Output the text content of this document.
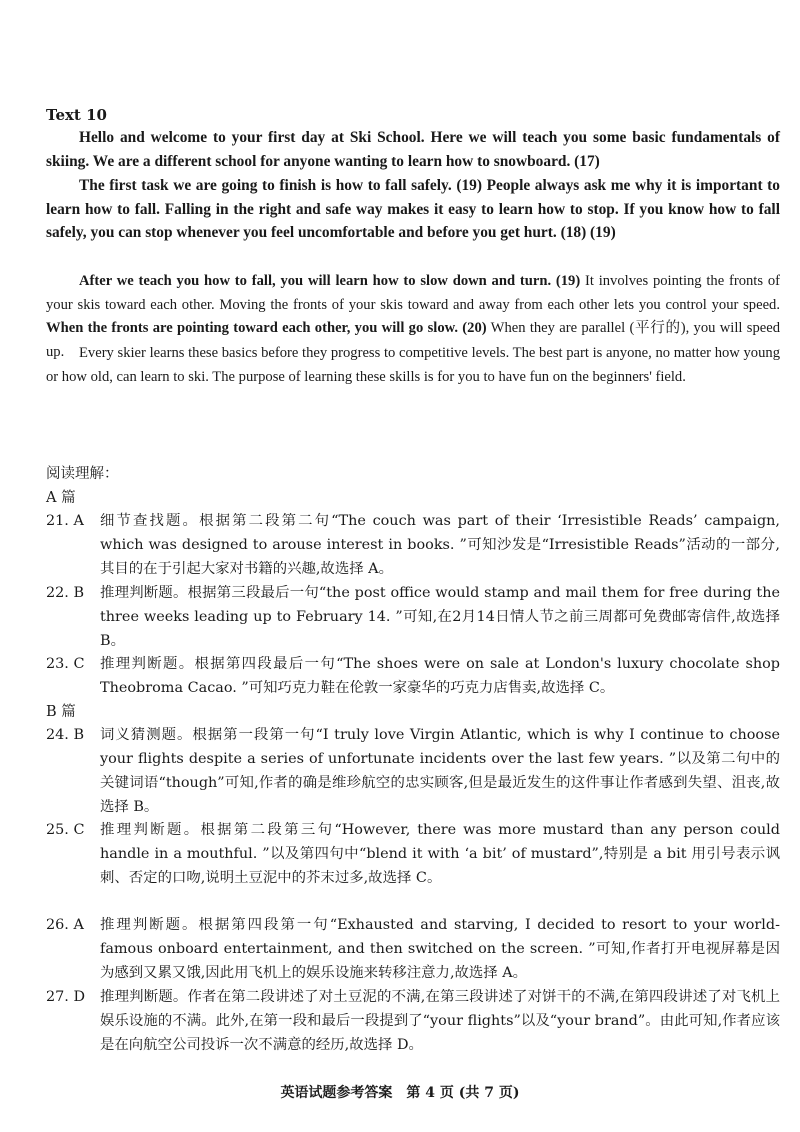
Text 10
Hello and welcome to your first day at Ski School. Here we will teach you some basic fundamentals of skiing. We are a different school for anyone wanting to learn how to snowboard. (17)
The first task we are going to finish is how to fall safely. (19) People always ask me why it is important to learn how to fall. Falling in the right and safe way makes it easy to learn how to stop. If you know how to fall safely, you can stop whenever you feel uncomfortable and before you get hurt. (18) (19)
After we teach you how to fall, you will learn how to slow down and turn. (19) It involves pointing the fronts of your skis toward each other. Moving the fronts of your skis toward and away from each other lets you control your speed. When the fronts are pointing toward each other, you will go slow. (20) When they are parallel (平行的), you will speed up.	Every skier learns these basics before they progress to competitive levels. The best part is anyone, no matter how young or how old, can learn to ski. The purpose of learning these skills is for you to have fun on the beginners' field.
阅读理解：
A 篇
21. A	细节查找题。根据第二段第二句“The couch was part of their ‘Irresistible Reads’ campaign, which was designed to arouse interest in books. ”可知沙发是“Irresistible Reads”活动的一部分,其目的在于引起大家对书籍的兴趣,故选择 A。
22. B	推理判断题。根据第三段最后一句“the post office would stamp and mail them for free during the three weeks leading up to February 14. ”可知,在2月14日情人节之前三周都可免费邮寄信件,故选择 B。
23. C	推理判断题。根据第四段最后一句“The shoes were on sale at London's luxury chocolate shop Theobroma Cacao. ”可知巧克力鞋在伦敦一家豪华的巧克力店售卖,故选择 C。
B 篇
24. B	词义猜测题。根据第一段第一句“I truly love Virgin Atlantic, which is why I continue to choose your flights despite a series of unfortunate incidents over the last few years. ”以及第二句中的关键词语“though”可知,作者的确是维珍航空的忠实顾客,但是最近发生的这件事让作者感到失望、沮丧,故选择 B。
25. C	推理判断题。根据第二段第三句“However, there was more mustard than any person could handle in a mouthful. ”以及第四句中“blend it with ‘a bit’ of mustard”,特别是 a bit 用引号表示讽刺、否定的口吻,说明土豆泥中的芥末过多,故选择 C。
26. A	推理判断题。根据第四段第一句“Exhausted and starving, I decided to resort to your world-famous onboard entertainment, and then switched on the screen. ”可知,作者打开电视屏幕是因为感到又累又饿,因此用飞机上的娱乐设施来转移注意力,故选择 A。
27. D	推理判断题。作者在第二段讲述了对土豆泥的不满,在第三段讲述了对饼干的不满,在第四段讲述了对飞机上娱乐设施的不满。此外,在第一段和最后一段提到了“your flights”以及“your brand”。由此可知,作者应该是在向航空公司投诉一次不满意的经历,故选择 D。
英语试题参考答案　第 4 页 (共 7 页)
